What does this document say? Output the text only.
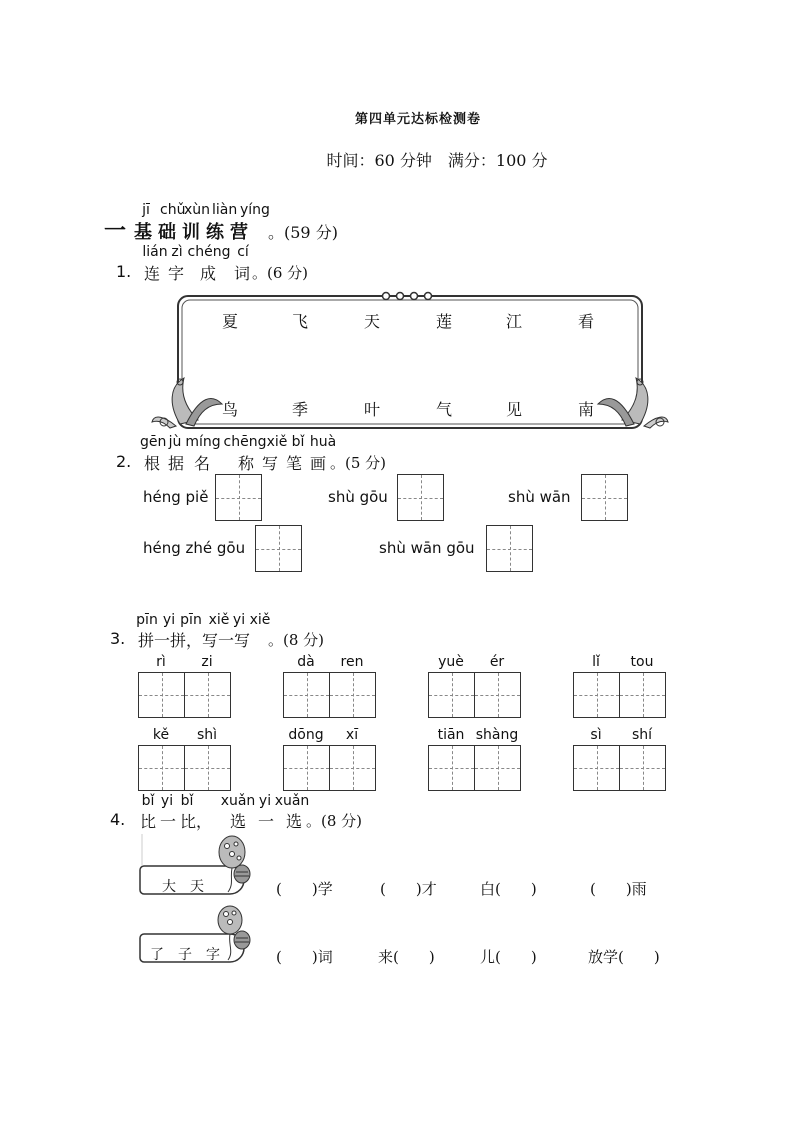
第四单元达标检测卷
时间：60 分钟　满分：100 分
一
jī chǔ
xùn liàn yíng
基础训练营 。(59 分)
1.
lián zì chéng cí
连 字 成 词 。(6 分)
夏	飞	天	莲	江	看
鸟	季	叶	气	见	南
2.
gēn jù míng chēng xiě bǐ huà
根 据 名 称 写 笔 画 。(5 分)
héng piě	shù gōu	shù wān
héng zhé gōu	shù wān gōu
3.
pīn yi pīn xiě yi xiě
拼一拼，写一写 。(8 分)
rì	zi	dà	ren	yuè	ér	lǐ	tou
kě	shì	dōng	xī	tiān shàng	sì	shí
4.
bǐ yi bǐ	xuǎn yi xuǎn
比 一 比， 选 一 选 。(8 分)
大　天	(　　)学	(　　)才	白(　　)	(　　)雨
了　子　字	(　　)词	来(　　)	儿(　　)	放学(　　)
